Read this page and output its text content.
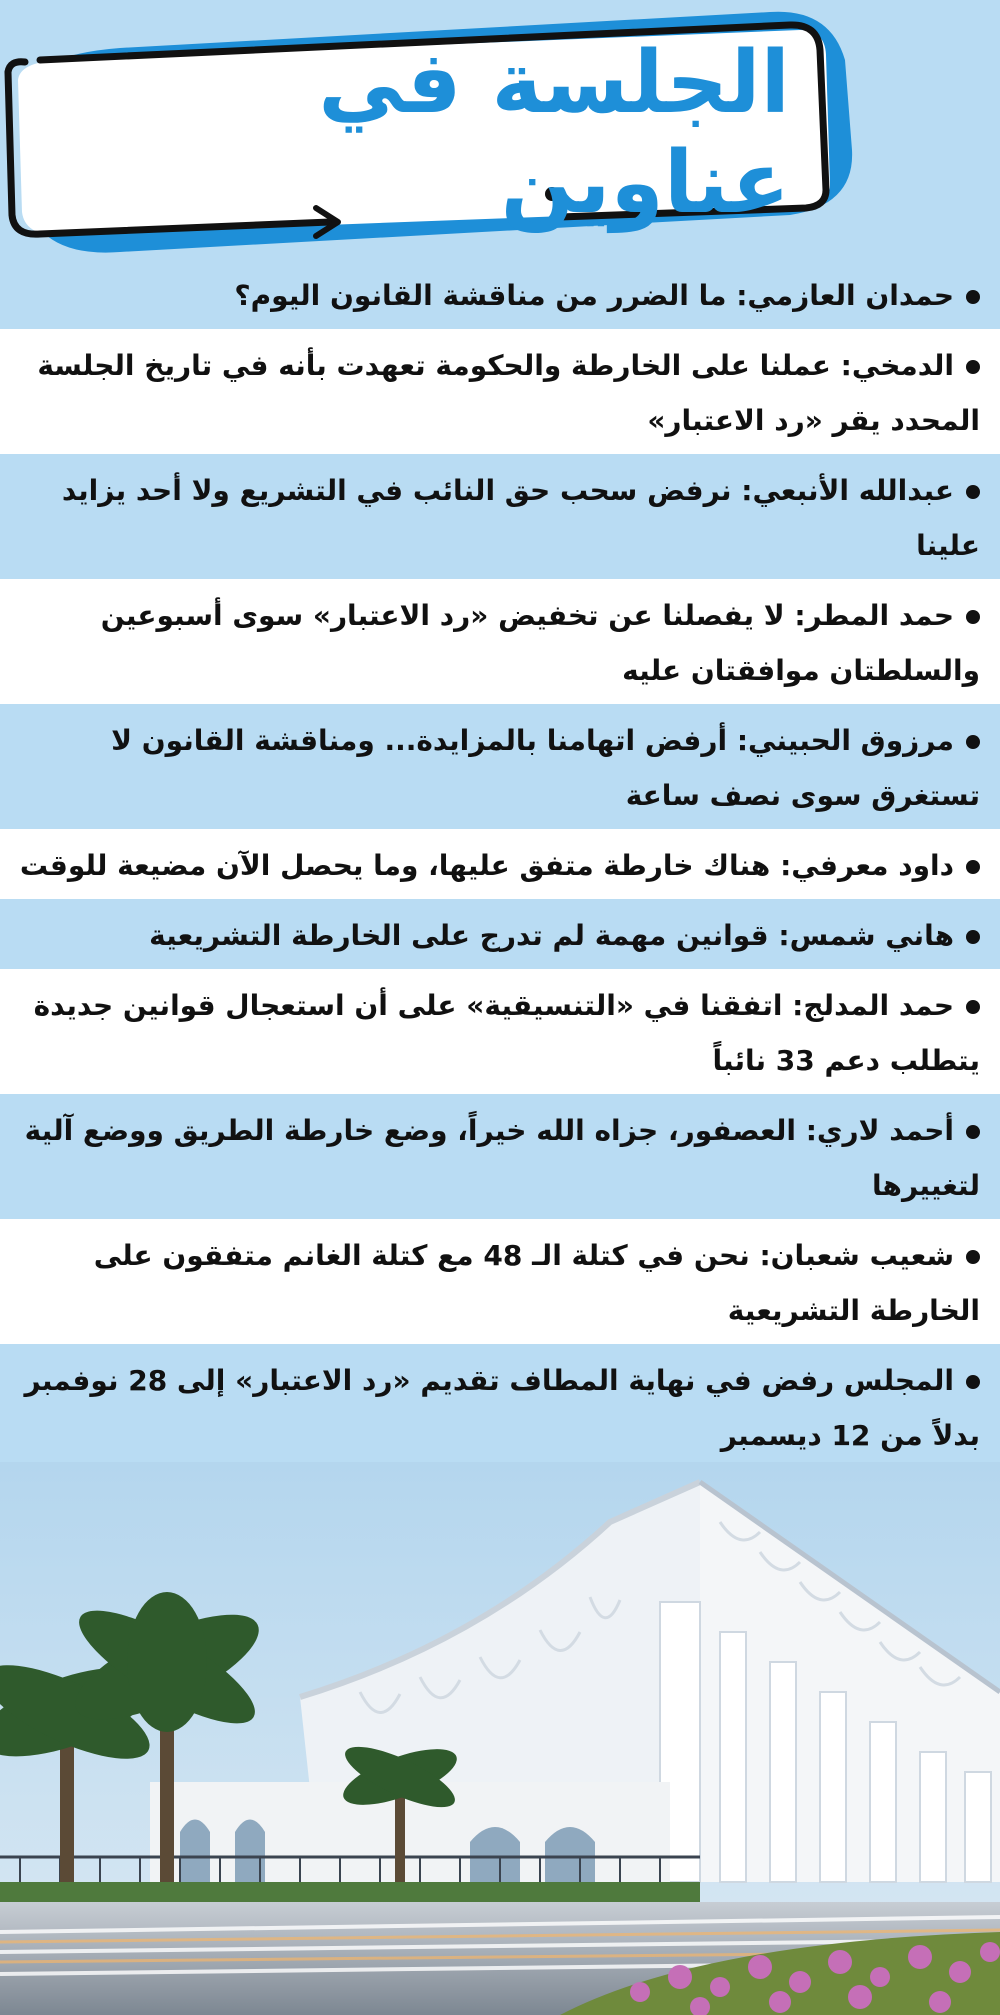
الجلسة في عناوين
حمدان العازمي: ما الضرر من مناقشة القانون اليوم؟
الدمخي: عملنا على الخارطة والحكومة تعهدت بأنه في تاريخ الجلسة المحدد يقر «رد الاعتبار»
عبدالله الأنبعي: نرفض سحب حق النائب في التشريع ولا أحد يزايد علينا
حمد المطر: لا يفصلنا عن تخفيض «رد الاعتبار» سوى أسبوعين والسلطتان موافقتان عليه
مرزوق الحبيني: أرفض اتهامنا بالمزايدة... ومناقشة القانون لا تستغرق سوى نصف ساعة
داود معرفي: هناك خارطة متفق عليها، وما يحصل الآن مضيعة للوقت
هاني شمس: قوانين مهمة لم تدرج على الخارطة التشريعية
حمد المدلج: اتفقنا في «التنسيقية» على أن استعجال قوانين جديدة يتطلب دعم 33 نائباً
أحمد لاري: العصفور، جزاه الله خيراً، وضع خارطة الطريق ووضع آلية لتغييرها
شعيب شعبان: نحن في كتلة الـ 48 مع كتلة الغانم متفقون على الخارطة التشريعية
المجلس رفض في نهاية المطاف تقديم «رد الاعتبار» إلى 28 نوفمبر بدلاً من 12 ديسمبر
